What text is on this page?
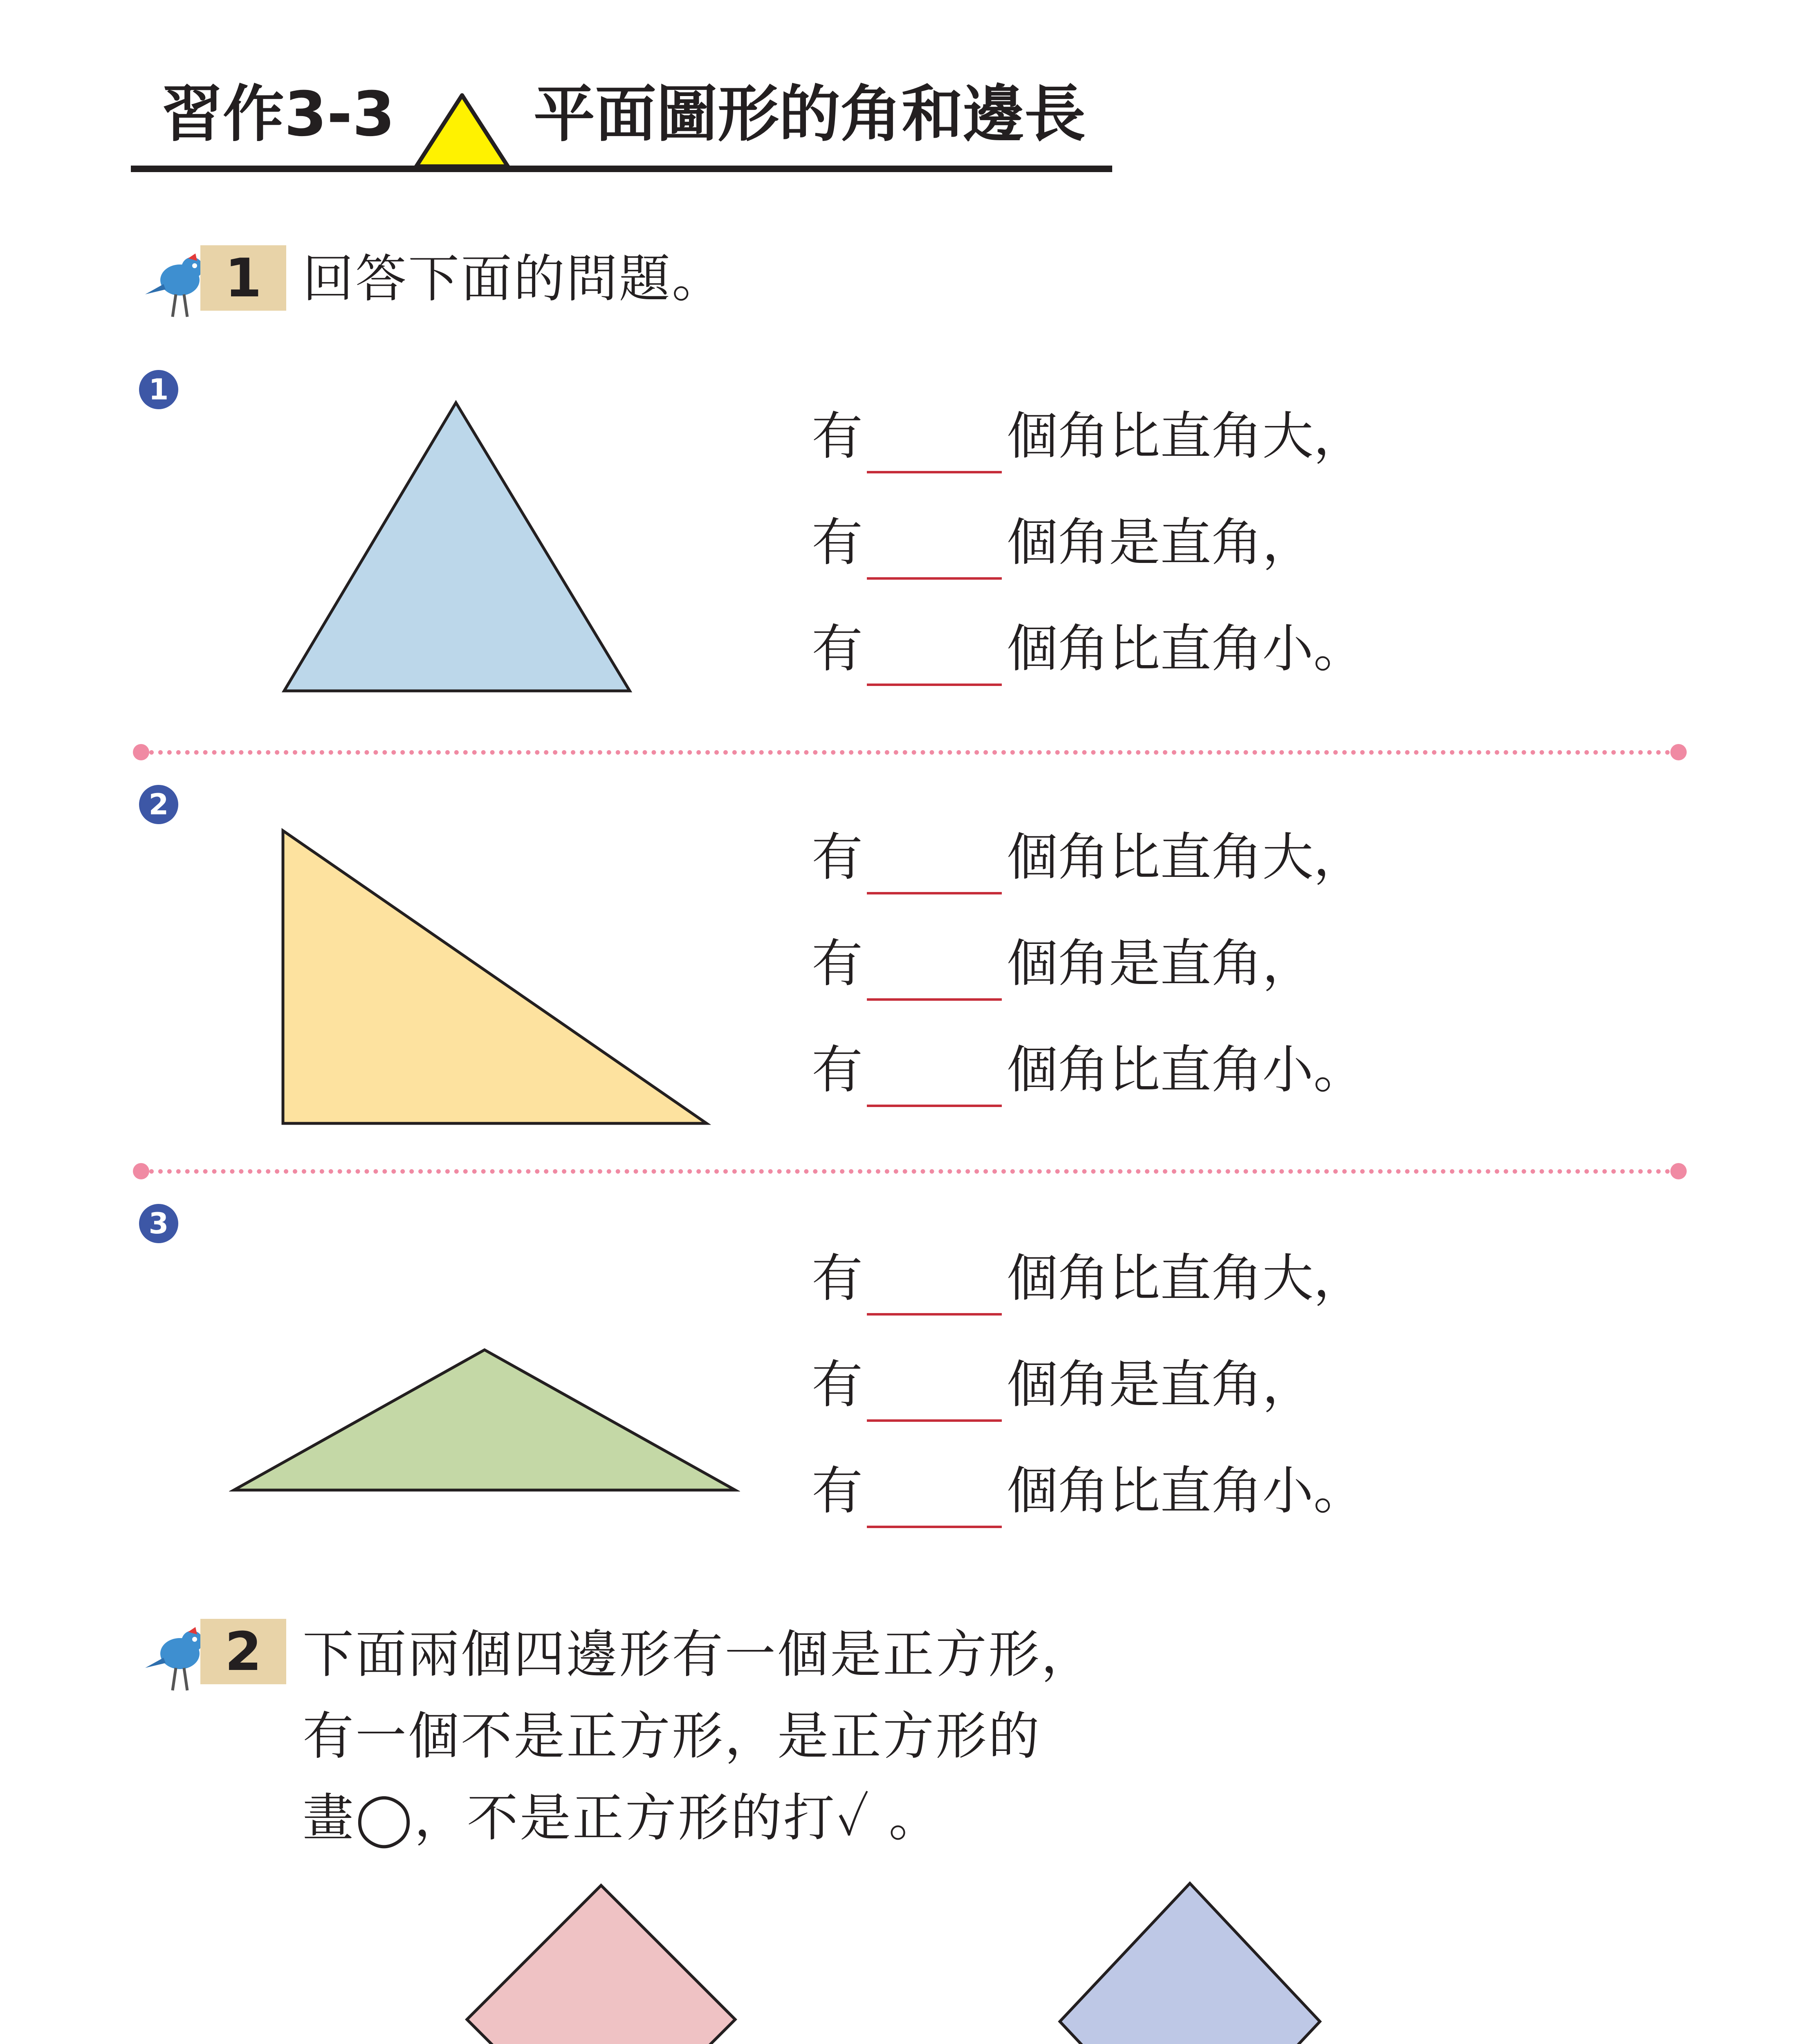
習作3-3 平面圖形的角和邊長
1 回答下面的問題。
1
有	個角比直角大，
有	個角是直角，
有	個角比直角小。
2
有	個角比直角大，
有	個角是直角，
有	個角比直角小。
3
有	個角比直角大，
有	個角是直角，
有	個角比直角小。
2 下面兩個四邊形有一個是正方形，
有一個不是正方形，是正方形的
畫◯，不是正方形的打✓ 。
